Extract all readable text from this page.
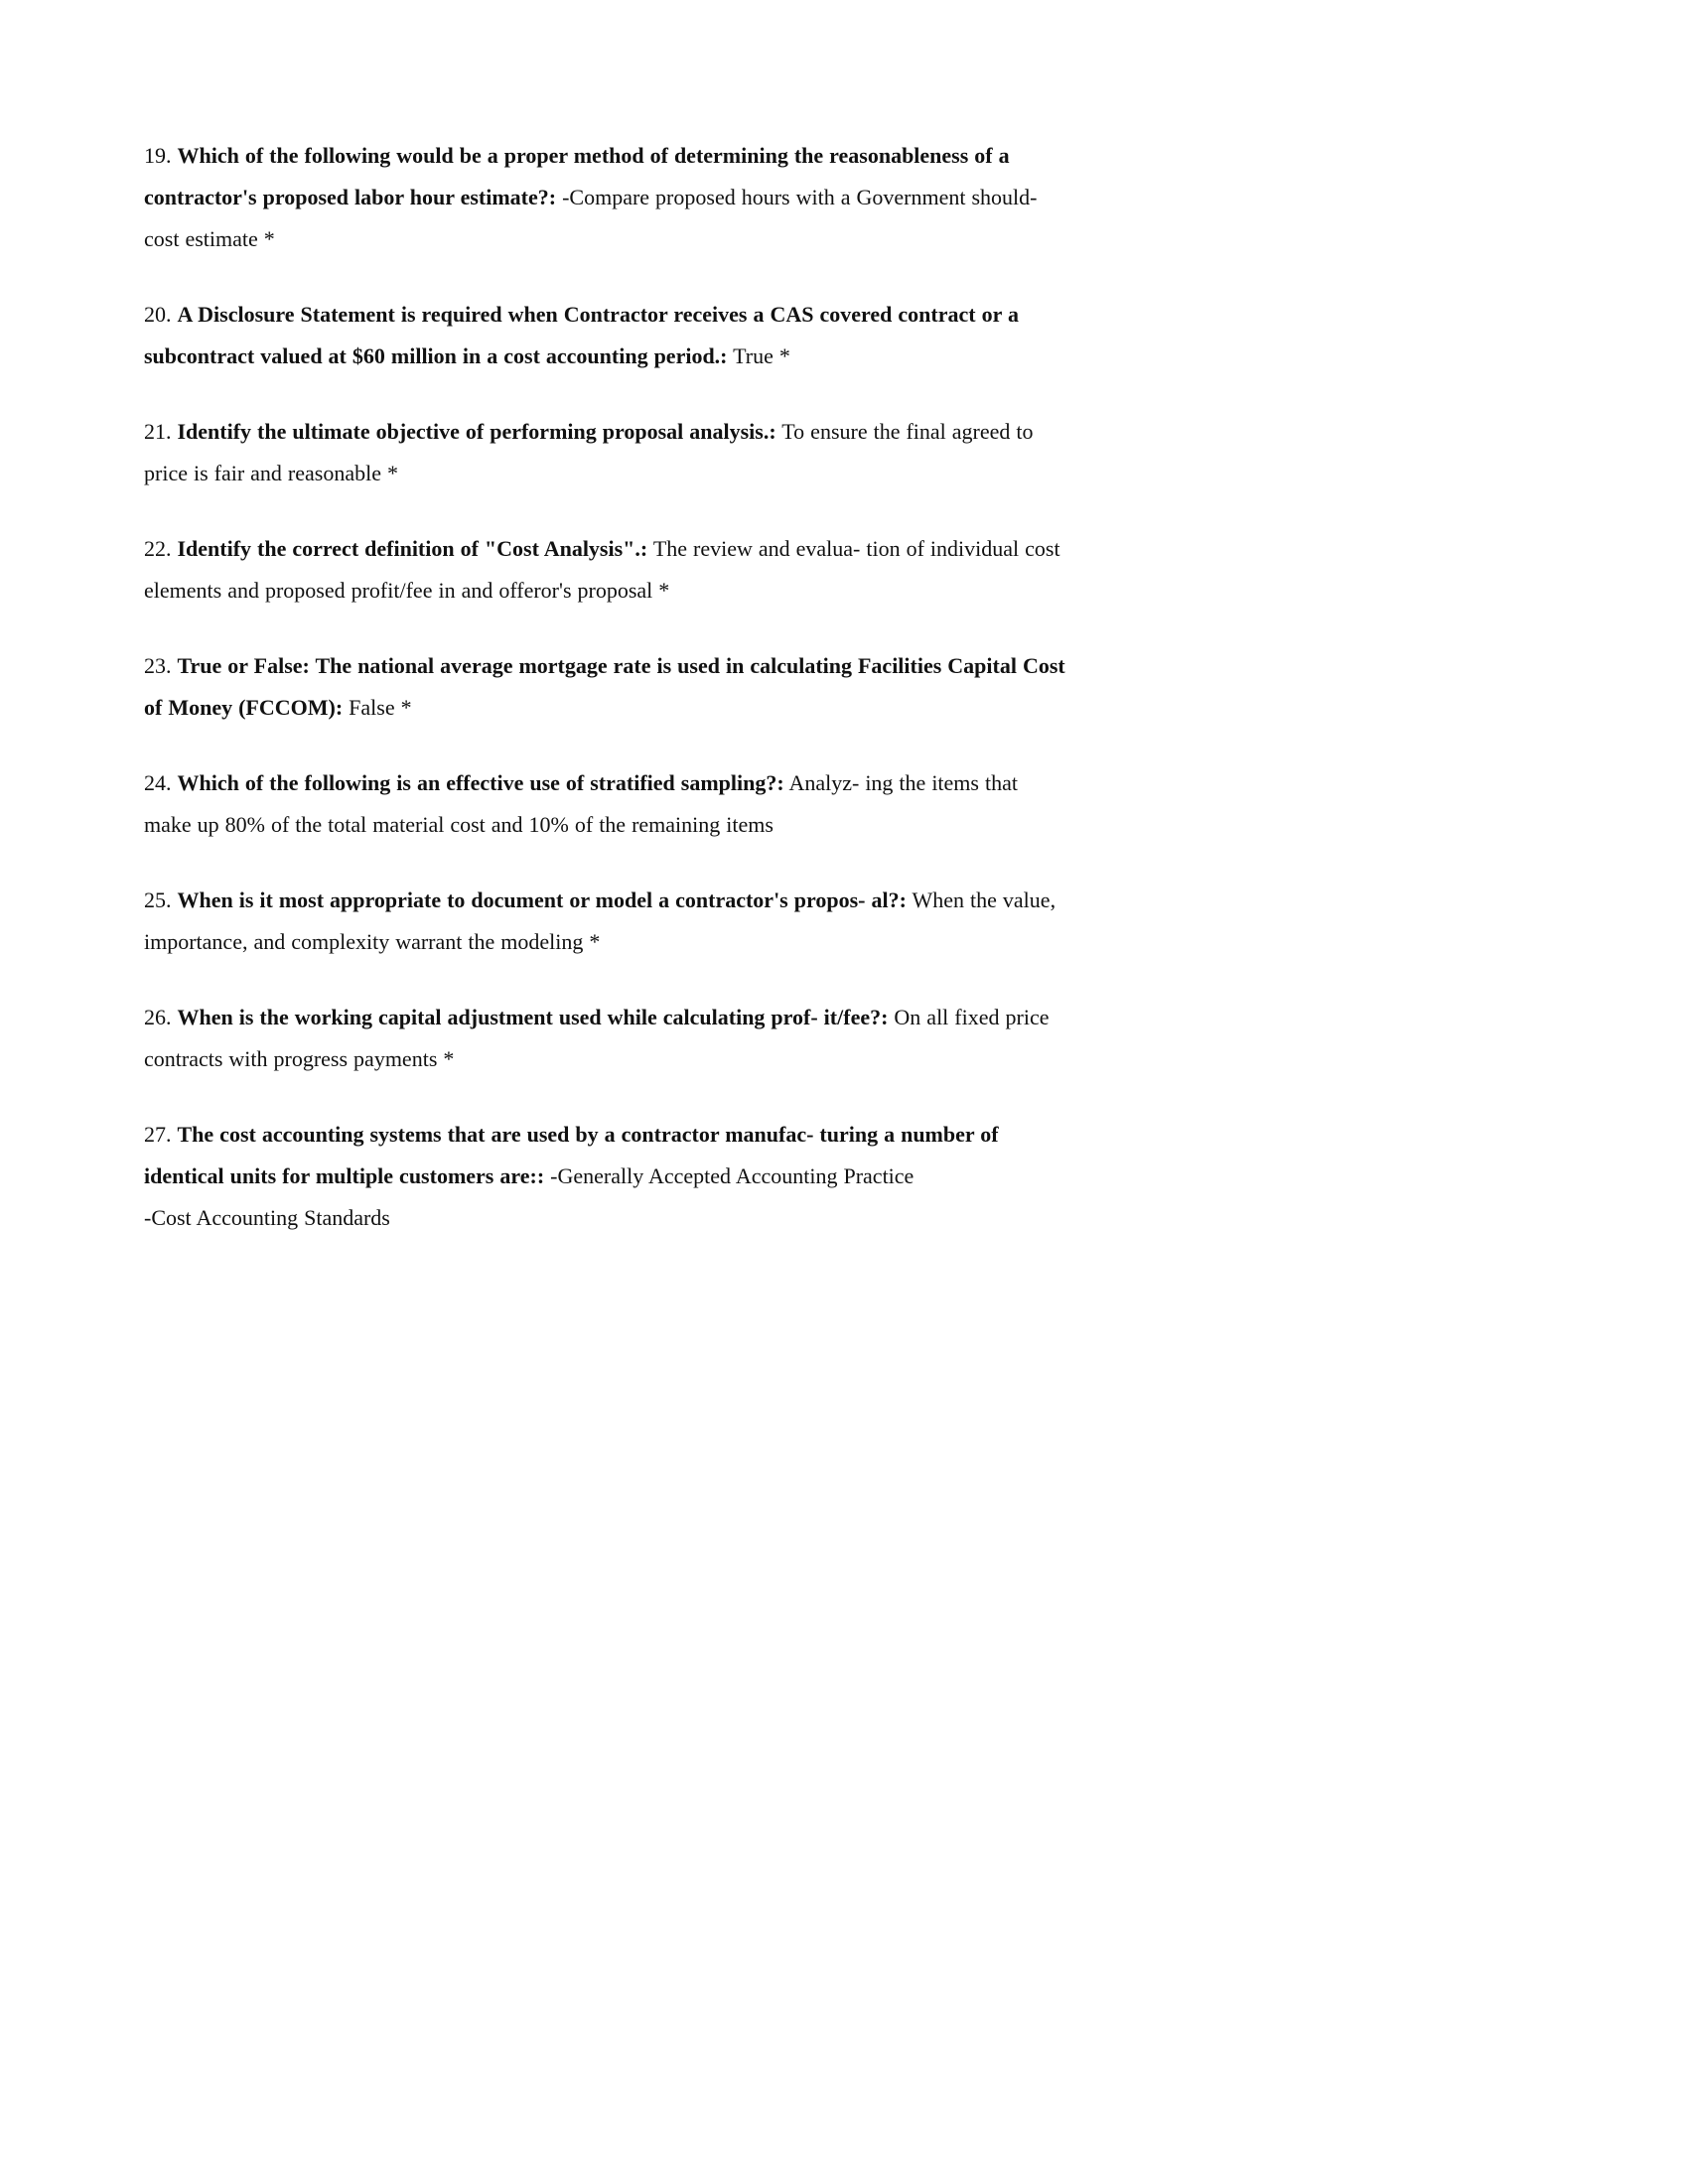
19. Which of the following would be a proper method of determining the reasonableness of a contractor's proposed labor hour estimate?: -Compare proposed hours with a Government should-cost estimate *

20. A Disclosure Statement is required when Contractor receives a CAS covered contract or a subcontract valued at $60 million in a cost accounting period.: True *

21. Identify the ultimate objective of performing proposal analysis.: To ensure the final agreed to price is fair and reasonable *

22. Identify the correct definition of "Cost Analysis".: The review and evalua- tion of individual cost elements and proposed profit/fee in and offeror's proposal *

23. True or False: The national average mortgage rate is used in calculating Facilities Capital Cost of Money (FCCOM): False *

24. Which of the following is an effective use of stratified sampling?: Analyz- ing the items that make up 80% of the total material cost and 10% of the remaining items

25. When is it most appropriate to document or model a contractor's propos- al?: When the value, importance, and complexity warrant the modeling *

26. When is the working capital adjustment used while calculating prof- it/fee?: On all fixed price contracts with progress payments *

27. The cost accounting systems that are used by a contractor manufac- turing a number of identical units for multiple customers are:: -Generally Accepted Accounting Practice
-Cost Accounting Standards
